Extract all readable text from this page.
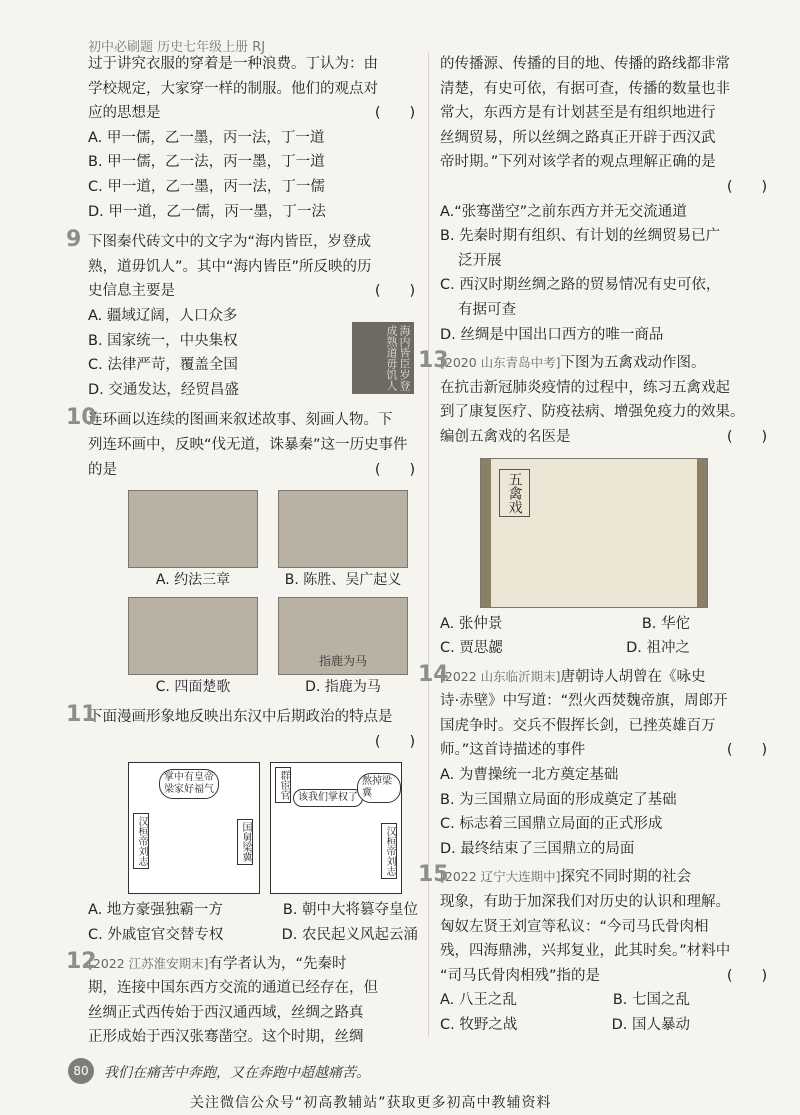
初中必刷题 历史七年级上册 RJ

过于讲究衣服的穿着是一种浪费。丁认为：由

学校规定，大家穿一样的制服。他们的观点对

应的思想是	(　　)

A. 甲一儒，乙一墨，丙一法，丁一道

B. 甲一儒，乙一法，丙一墨，丁一道

C. 甲一道，乙一墨，丙一法，丁一儒

D. 甲一道，乙一儒，丙一墨，丁一法

9 下图秦代砖文中的文字为“海内皆臣，岁登成

熟，道毋饥人”。其中“海内皆臣”所反映的历

史信息主要是	(　　)

A. 疆域辽阔，人口众多

B. 国家统一，中央集权

C. 法律严苛，覆盖全国

D. 交通发达，经贸昌盛	海内皆臣岁登成熟道毋饥人
10

连环画以连续的图画来叙述故事、刻画人物。下

列连环画中，反映“伐无道，诛暴秦”这一历史事件

的是	(　　)
A. 约法三章	B. 陈胜、吴广起义
C. 四面楚歌
指鹿为马
D. 指鹿为马
11

下面漫画形象地反映出东汉中后期政治的特点是

(　　)
掌中有皇帝
梁家好福气
汉桓帝刘志	国舅梁冀
群宦官 该我们掌权了
熬掉梁冀
汉桓帝刘志
A. 地方豪强独霸一方	B. 朝中大将篡夺皇位
C. 外戚宦官交替专权	D. 农民起义风起云涌
12

[2022 江苏淮安期末]有学者认为，“先秦时

期，连接中国东西方交流的通道已经存在，但

丝绸正式西传始于西汉通西域，丝绸之路真

正形成始于西汉张骞凿空。这个时期，丝绸

的传播源、传播的目的地、传播的路线都非常

清楚，有史可依，有据可查，传播的数量也非

常大，东西方是有计划甚至是有组织地进行

丝绸贸易，所以丝绸之路真正开辟于西汉武

帝时期。”下列对该学者的观点理解正确的是

(　　)

A.“张骞凿空”之前东西方并无交流通道

B. 先秦时期有组织、有计划的丝绸贸易已广

泛开展

C. 西汉时期丝绸之路的贸易情况有史可依，

有据可查

D. 丝绸是中国出口西方的唯一商品

13

[2020 山东青岛中考]下图为五禽戏动作图。

在抗击新冠肺炎疫情的过程中，练习五禽戏起

到了康复医疗、防疫祛病、增强免疫力的效果。

编创五禽戏的名医是	(　　)
五禽戏
A. 张仲景	B. 华佗
C. 贾思勰	D. 祖冲之
14

[2022 山东临沂期末]唐朝诗人胡曾在《咏史

诗·赤壁》中写道：“烈火西焚魏帝旗，周郎开

国虎争时。交兵不假挥长剑，已挫英雄百万

师。”这首诗描述的事件	(　　)

A. 为曹操统一北方奠定基础

B. 为三国鼎立局面的形成奠定了基础

C. 标志着三国鼎立局面的正式形成

D. 最终结束了三国鼎立的局面

15

[2022 辽宁大连期中]探究不同时期的社会

现象，有助于加深我们对历史的认识和理解。

匈奴左贤王刘宣等私议：“今司马氏骨肉相

残，四海鼎沸，兴邦复业，此其时矣。”材料中

“司马氏骨肉相残”指的是	(　　)
A. 八王之乱	B. 七国之乱
C. 牧野之战	D. 国人暴动
80	我们在痛苦中奔跑，又在奔跑中超越痛苦。
关注微信公众号“初高教辅站”获取更多初高中教辅资料
